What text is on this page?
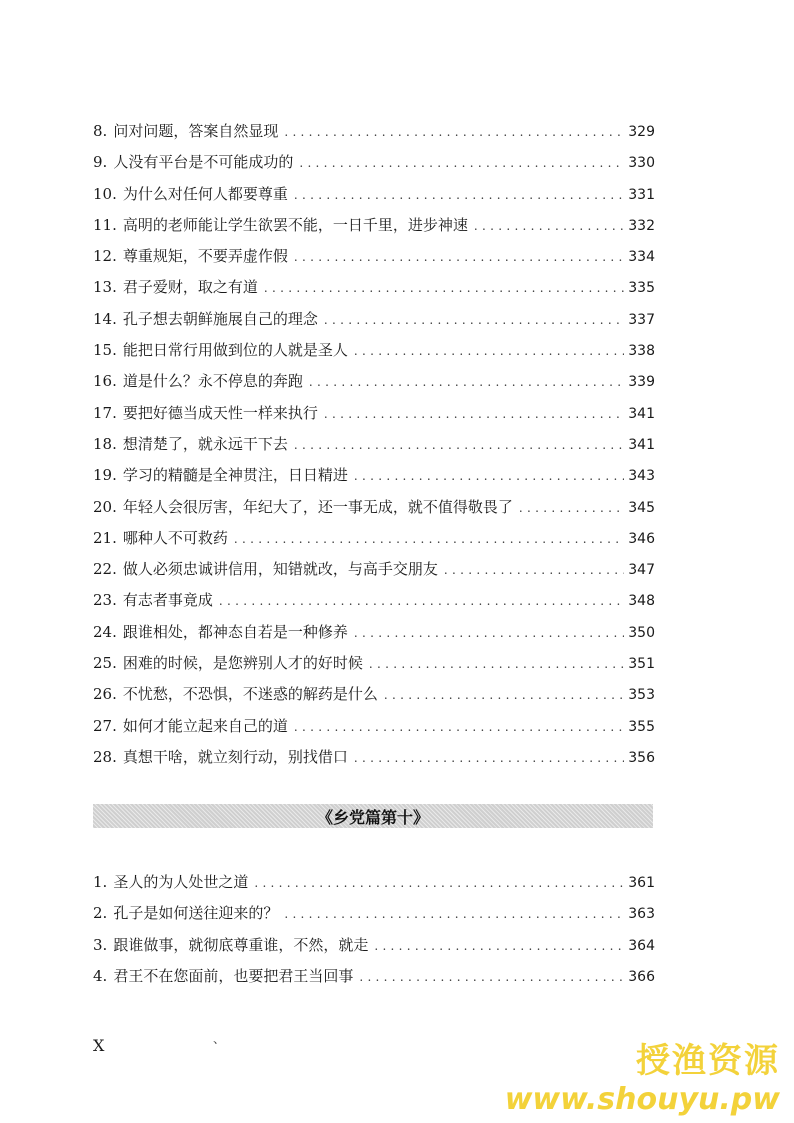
8. 问对问题，答案自然显现 .....	329
9. 人没有平台是不可能成功的 .....	330
10. 为什么对任何人都要尊重 .....	331
11. 高明的老师能让学生欲罢不能，一日千里，进步神速 .....	332
12. 尊重规矩，不要弄虚作假 .....	334
13. 君子爱财，取之有道 .....	335
14. 孔子想去朝鲜施展自己的理念 .....	337
15. 能把日常行用做到位的人就是圣人 .....	338
16. 道是什么？永不停息的奔跑 .....	339
17. 要把好德当成天性一样来执行 .....	341
18. 想清楚了，就永远干下去 .....	341
19. 学习的精髓是全神贯注，日日精进 .....	343
20. 年轻人会很厉害，年纪大了，还一事无成，就不值得敬畏了 .....	345
21. 哪种人不可救药 .....	346
22. 做人必须忠诚讲信用，知错就改，与高手交朋友 .....	347
23. 有志者事竟成 .....	348
24. 跟谁相处，都神态自若是一种修养 .....	350
25. 困难的时候，是您辨别人才的好时候 .....	351
26. 不忧愁，不恐惧，不迷惑的解药是什么 .....	353
27. 如何才能立起来自己的道 .....	355
28. 真想干啥，就立刻行动，别找借口 .....	356
《乡党篇第十》
1. 圣人的为人处世之道 .....	361
2. 孔子是如何送往迎来的？ .....	363
3. 跟谁做事，就彻底尊重谁，不然，就走 .....	364
4. 君王不在您面前，也要把君王当回事 .....	366
X	、
授渔资源
www.shouyu.pw
